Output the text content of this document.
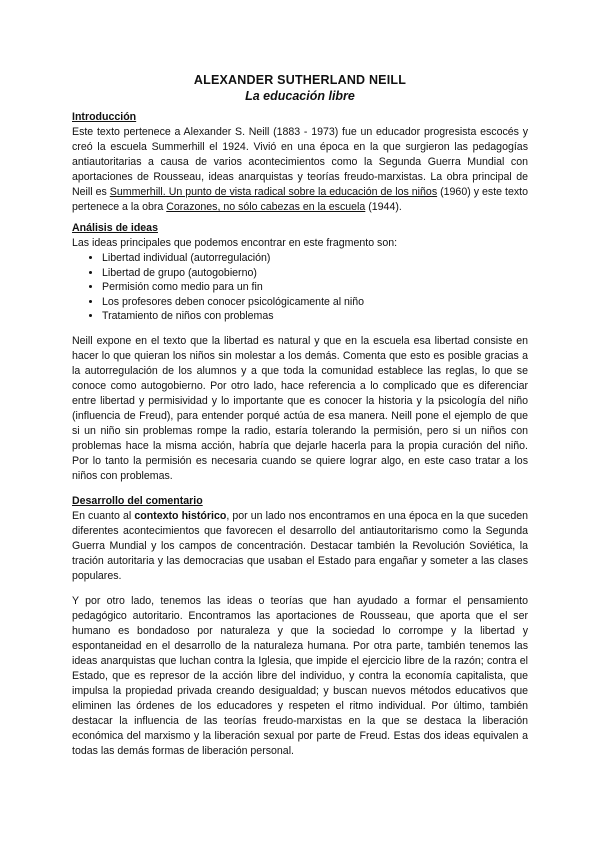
ALEXANDER SUTHERLAND NEILL
La educación libre
Introducción

Este texto pertenece a Alexander S. Neill (1883 - 1973) fue un educador progresista escocés y creó la escuela Summerhill el 1924. Vivió en una época en la que surgieron las pedagogías antiautoritarias a causa de varios acontecimientos como la Segunda Guerra Mundial con aportaciones de Rousseau, ideas anarquistas y teorías freudo-marxistas. La obra principal de Neill es Summerhill. Un punto de vista radical sobre la educación de los niños (1960) y este texto pertenece a la obra Corazones, no sólo cabezas en la escuela (1944).

Análisis de ideas

Las ideas principales que podemos encontrar en este fragmento son:

• Libertad individual (autorregulación)
• Libertad de grupo (autogobierno)
• Permisión como medio para un fin
• Los profesores deben conocer psicológicamente al niño
• Tratamiento de niños con problemas

Neill expone en el texto que la libertad es natural y que en la escuela esa libertad consiste en hacer lo que quieran los niños sin molestar a los demás. Comenta que esto es posible gracias a la autorregulación de los alumnos y a que toda la comunidad establece las reglas, lo que se conoce como autogobierno. Por otro lado, hace referencia a lo complicado que es diferenciar entre libertad y permisividad y lo importante que es conocer la historia y la psicología del niño (influencia de Freud), para entender porqué actúa de esa manera. Neill pone el ejemplo de que si un niño sin problemas rompe la radio, estaría tolerando la permisión, pero si un niños con problemas hace la misma acción, habría que dejarle hacerla para la propia curación del niño. Por lo tanto la permisión es necesaria cuando se quiere lograr algo, en este caso tratar a los niños con problemas.

Desarrollo del comentario

En cuanto al contexto histórico, por un lado nos encontramos en una época en la que suceden diferentes acontecimientos que favorecen el desarrollo del antiautoritarismo como la Segunda Guerra Mundial y los campos de concentración. Destacar también la Revolución Soviética, la tración autoritaria y las democracias que usaban el Estado para engañar y someter a las clases populares.

Y por otro lado, tenemos las ideas o teorías que han ayudado a formar el pensamiento pedagógico autoritario. Encontramos las aportaciones de Rousseau, que aporta que el ser humano es bondadoso por naturaleza y que la sociedad lo corrompe y la libertad y espontaneidad en el desarrollo de la naturaleza humana. Por otra parte, también tenemos las ideas anarquistas que luchan contra la Iglesia, que impide el ejercicio libre de la razón; contra el Estado, que es represor de la acción libre del individuo, y contra la economía capitalista, que impulsa la propiedad privada creando desigualdad; y buscan nuevos métodos educativos que eliminen las órdenes de los educadores y respeten el ritmo individual. Por último, también destacar la influencia de las teorías freudo-marxistas en la que se destaca la liberación económica del marxismo y la liberación sexual por parte de Freud. Estas dos ideas equivalen a todas las demás formas de liberación personal.
